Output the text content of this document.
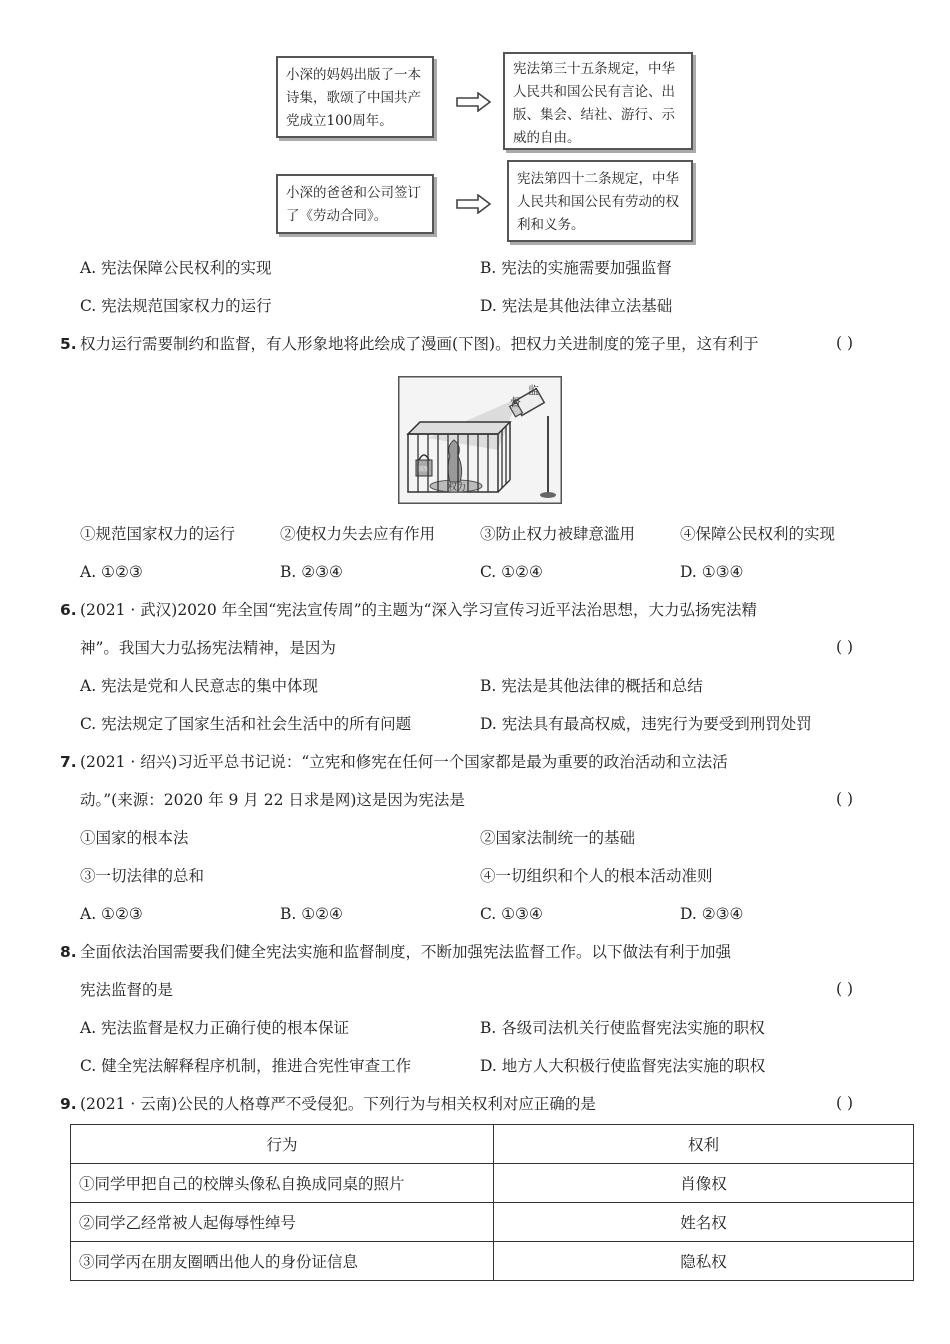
小深的妈妈出版了一本
诗集，歌颂了中国共产
党成立100周年。
宪法第三十五条规定，中华
人民共和国公民有言论、出
版、集会、结社、游行、示
威的自由。
小深的爸爸和公司签订
了《劳动合同》。
宪法第四十二条规定，中华
人民共和国公民有劳动的权
利和义务。
A. 宪法保障公民权利的实现	B. 宪法的实施需要加强监督
C. 宪法规范国家权力的运行	D. 宪法是其他法律立法基础
5. 权力运行需要制约和监督，有人形象地将此绘成了漫画(下图)。把权力关进制度的笼子里，这有利于	( )
监
督
权力
制度
①规范国家权力的运行	②使权力失去应有作用	③防止权力被肆意滥用	④保障公民权利的实现
A. ①②③	B. ②③④	C. ①②④	D. ①③④
6. (2021 · 武汉)2020 年全国“宪法宣传周”的主题为“深入学习宣传习近平法治思想，大力弘扬宪法精
神”。我国大力弘扬宪法精神，是因为	( )
A. 宪法是党和人民意志的集中体现	B. 宪法是其他法律的概括和总结
C. 宪法规定了国家生活和社会生活中的所有问题	D. 宪法具有最高权威，违宪行为要受到刑罚处罚
7. (2021 · 绍兴)习近平总书记说：“立宪和修宪在任何一个国家都是最为重要的政治活动和立法活
动。”(来源：2020 年 9 月 22 日求是网)这是因为宪法是	( )
①国家的根本法	②国家法制统一的基础
③一切法律的总和	④一切组织和个人的根本活动准则
A. ①②③	B. ①②④	C. ①③④	D. ②③④
8. 全面依法治国需要我们健全宪法实施和监督制度，不断加强宪法监督工作。以下做法有利于加强
宪法监督的是	( )
A. 宪法监督是权力正确行使的根本保证	B. 各级司法机关行使监督宪法实施的职权
C. 健全宪法解释程序机制，推进合宪性审查工作	D. 地方人大积极行使监督宪法实施的职权
9. (2021 · 云南)公民的人格尊严不受侵犯。下列行为与相关权利对应正确的是	( )
行为	权利
①同学甲把自己的校牌头像私自换成同桌的照片	肖像权
②同学乙经常被人起侮辱性绰号	姓名权
③同学丙在朋友圈晒出他人的身份证信息	隐私权
